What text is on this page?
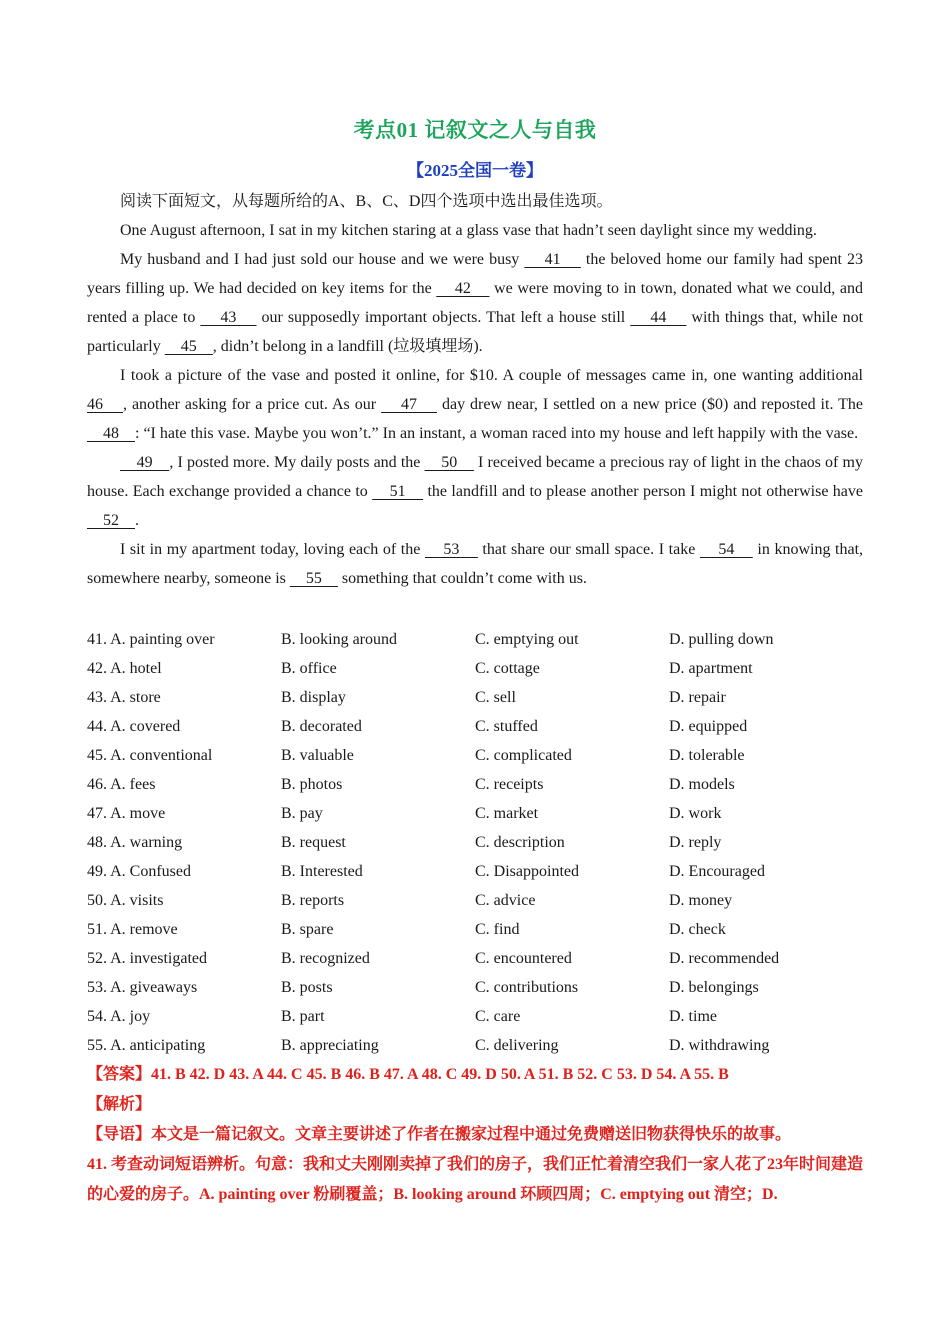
考点01 记叙文之人与自我
【2025全国一卷】

阅读下面短文，从每题所给的A、B、C、D四个选项中选出最佳选项。

One August afternoon, I sat in my kitchen staring at a glass vase that hadn’t seen daylight since my wedding.

My husband and I had just sold our house and we were busy     41     the beloved home our family had spent 23 years filling up. We had decided on key items for the     42     we were moving to in town, donated what we could, and rented a place to     43     our supposedly important objects. That left a house still     44     with things that, while not particularly     45    , didn’t belong in a landfill (垃圾填埋场).

I took a picture of the vase and posted it online, for $10. A couple of messages came in, one wanting additional 46    , another asking for a price cut. As our     47     day drew near, I settled on a new price ($0) and reposted it. The     48    : “I hate this vase. Maybe you won’t.” In an instant, a woman raced into my house and left happily with the vase.

49    , I posted more. My daily posts and the     50     I received became a precious ray of light in the chaos of my house. Each exchange provided a chance to     51     the landfill and to please another person I might not otherwise have     52    .

I sit in my apartment today, loving each of the     53     that share our small space. I take     54     in knowing that, somewhere nearby, someone is     55     something that couldn’t come with us.

41. A. painting over	B. looking around	C. emptying out	D. pulling down
42. A. hotel	B. office	C. cottage	D. apartment
43. A. store	B. display	C. sell	D. repair
44. A. covered	B. decorated	C. stuffed	D. equipped
45. A. conventional	B. valuable	C. complicated	D. tolerable
46. A. fees	B. photos	C. receipts	D. models
47. A. move	B. pay	C. market	D. work
48. A. warning	B. request	C. description	D. reply
49. A. Confused	B. Interested	C. Disappointed	D. Encouraged
50. A. visits	B. reports	C. advice	D. money
51. A. remove	B. spare	C. find	D. check
52. A. investigated	B. recognized	C. encountered	D. recommended
53. A. giveaways	B. posts	C. contributions	D. belongings
54. A. joy	B. part	C. care	D. time
55. A. anticipating	B. appreciating	C. delivering	D. withdrawing

【答案】41. B 42. D 43. A 44. C 45. B 46. B 47. A 48. C 49. D 50. A 51. B 52. C 53. D 54. A 55. B

【解析】

【导语】本文是一篇记叙文。文章主要讲述了作者在搬家过程中通过免费赠送旧物获得快乐的故事。

41. 考查动词短语辨析。句意：我和丈夫刚刚卖掉了我们的房子，我们正忙着清空我们一家人花了23年时间建造的心爱的房子。A. painting over 粉刷覆盖；B. looking around 环顾四周；C. emptying out 清空；D.
